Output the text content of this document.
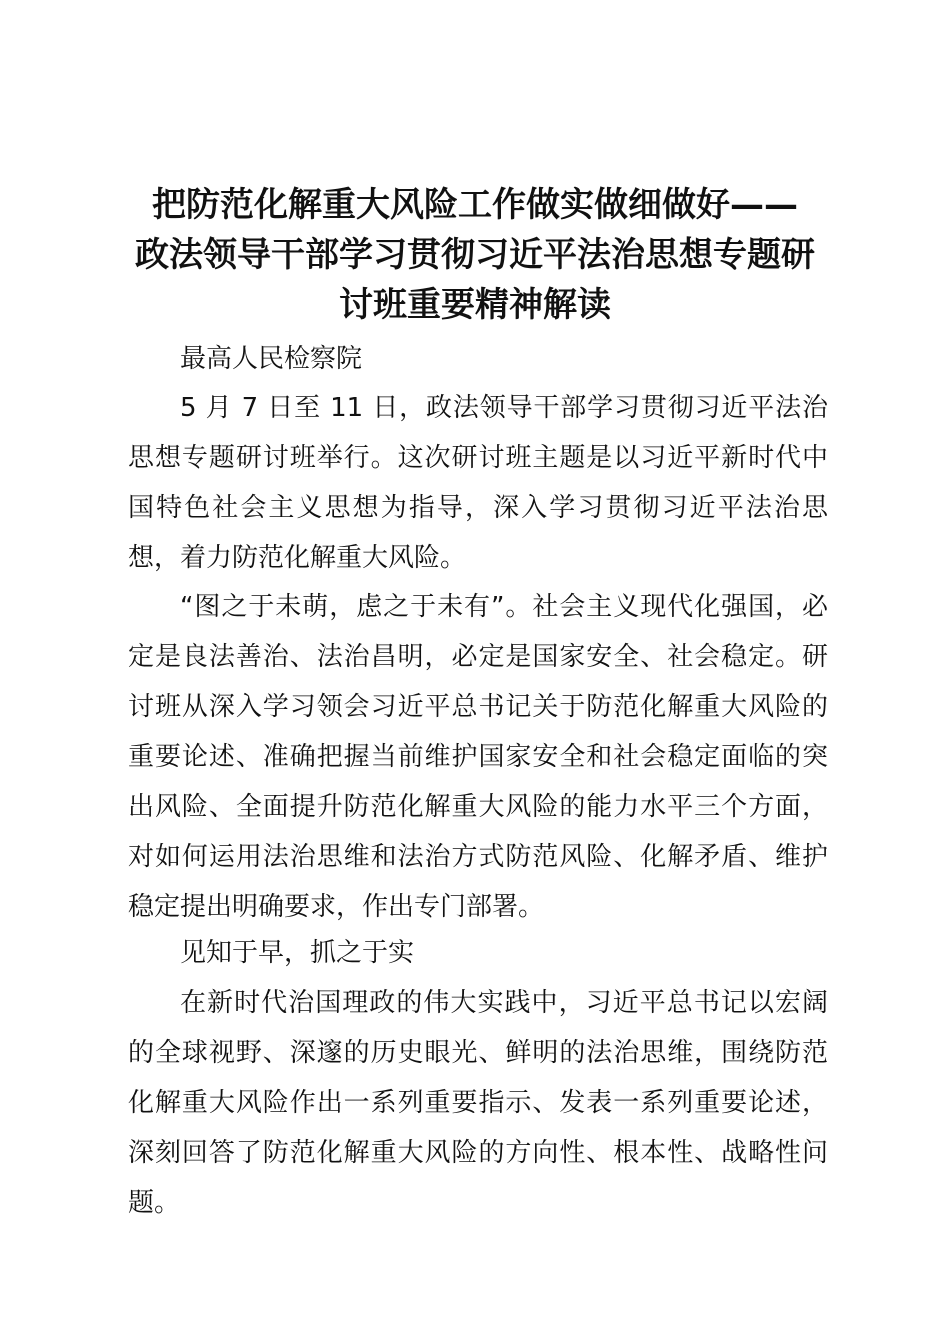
把防范化解重大风险工作做实做细做好——
政法领导干部学习贯彻习近平法治思想专题研
讨班重要精神解读

最高人民检察院

5 月 7 日至 11 日，政法领导干部学习贯彻习近平法治思想专题研讨班举行。这次研讨班主题是以习近平新时代中国特色社会主义思想为指导，深入学习贯彻习近平法治思想，着力防范化解重大风险。

“图之于未萌，虑之于未有”。社会主义现代化强国，必定是良法善治、法治昌明，必定是国家安全、社会稳定。研讨班从深入学习领会习近平总书记关于防范化解重大风险的重要论述、准确把握当前维护国家安全和社会稳定面临的突出风险、全面提升防范化解重大风险的能力水平三个方面，对如何运用法治思维和法治方式防范风险、化解矛盾、维护稳定提出明确要求，作出专门部署。

见知于早，抓之于实

在新时代治国理政的伟大实践中，习近平总书记以宏阔的全球视野、深邃的历史眼光、鲜明的法治思维，围绕防范化解重大风险作出一系列重要指示、发表一系列重要论述，深刻回答了防范化解重大风险的方向性、根本性、战略性问题。
